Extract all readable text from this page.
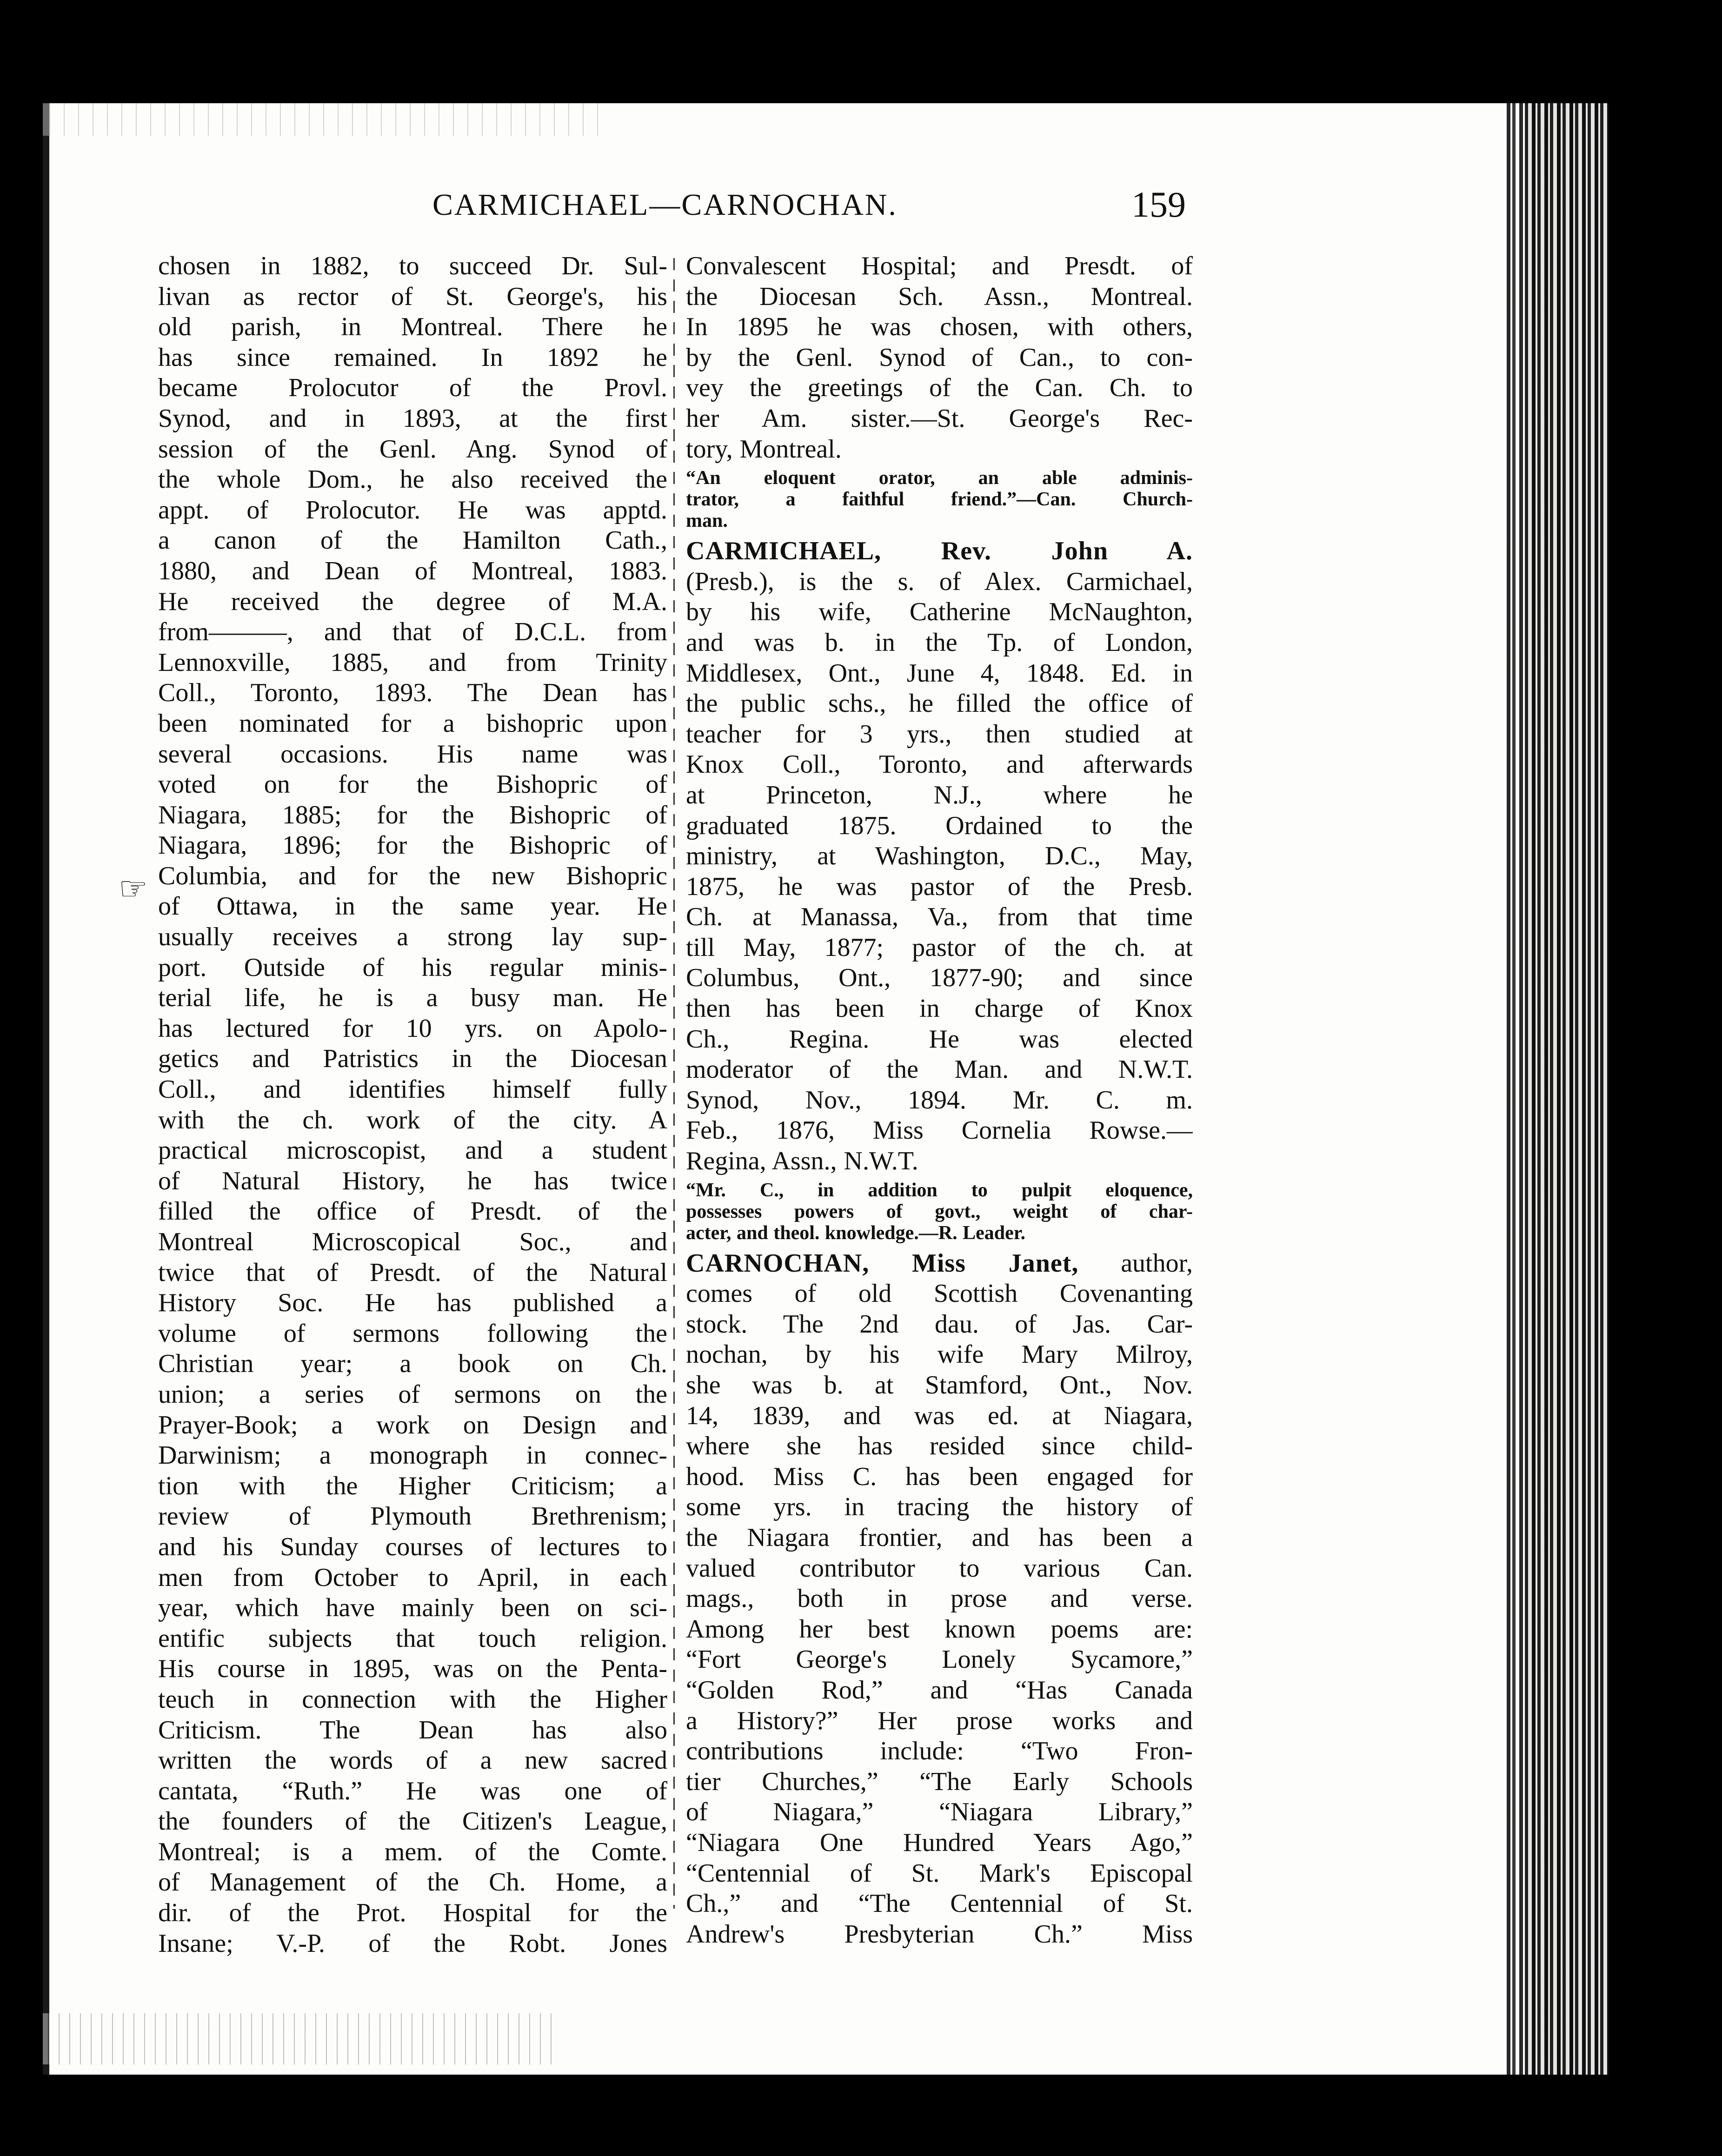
CARMICHAEL—CARNOCHAN.	159
chosen in 1882, to succeed Dr. Sul-
livan as rector of St. George's, his
old parish, in Montreal. There he
has since remained. In 1892 he
became Prolocutor of the Provl.
Synod, and in 1893, at the first
session of the Genl. Ang. Synod of
the whole Dom., he also received the
appt. of Prolocutor. He was apptd.
a canon of the Hamilton Cath.,
1880, and Dean of Montreal, 1883.
He received the degree of M.A.
from———, and that of D.C.L. from
Lennoxville, 1885, and from Trinity
Coll., Toronto, 1893. The Dean has
been nominated for a bishopric upon
several occasions. His name was
voted on for the Bishopric of
Niagara, 1885; for the Bishopric of
Niagara, 1896; for the Bishopric of
Columbia, and for the new Bishopric
of Ottawa, in the same year. He
usually receives a strong lay sup-
port. Outside of his regular minis-
terial life, he is a busy man. He
has lectured for 10 yrs. on Apolo-
getics and Patristics in the Diocesan
Coll., and identifies himself fully
with the ch. work of the city. A
practical microscopist, and a student
of Natural History, he has twice
filled the office of Presdt. of the
Montreal Microscopical Soc., and
twice that of Presdt. of the Natural
History Soc. He has published a
volume of sermons following the
Christian year; a book on Ch.
union; a series of sermons on the
Prayer-Book; a work on Design and
Darwinism; a monograph in connec-
tion with the Higher Criticism; a
review of Plymouth Brethrenism;
and his Sunday courses of lectures to
men from October to April, in each
year, which have mainly been on sci-
entific subjects that touch religion.
His course in 1895, was on the Penta-
teuch in connection with the Higher
Criticism. The Dean has also
written the words of a new sacred
cantata, “Ruth.” He was one of
the founders of the Citizen's League,
Montreal; is a mem. of the Comte.
of Management of the Ch. Home, a
dir. of the Prot. Hospital for the
Insane; V.-P. of the Robt. Jones
Convalescent Hospital; and Presdt. of
the Diocesan Sch. Assn., Montreal.
In 1895 he was chosen, with others,
by the Genl. Synod of Can., to con-
vey the greetings of the Can. Ch. to
her Am. sister.—St. George's Rec-
tory, Montreal.
“An eloquent orator, an able adminis-
trator, a faithful friend.”—Can. Church-
man.
CARMICHAEL, Rev. John A.
(Presb.), is the s. of Alex. Carmichael,
by his wife, Catherine McNaughton,
and was b. in the Tp. of London,
Middlesex, Ont., June 4, 1848. Ed. in
the public schs., he filled the office of
teacher for 3 yrs., then studied at
Knox Coll., Toronto, and afterwards
at Princeton, N.J., where he
graduated 1875. Ordained to the
ministry, at Washington, D.C., May,
1875, he was pastor of the Presb.
Ch. at Manassa, Va., from that time
till May, 1877; pastor of the ch. at
Columbus, Ont., 1877-90; and since
then has been in charge of Knox
Ch., Regina. He was elected
moderator of the Man. and N.W.T.
Synod, Nov., 1894. Mr. C. m.
Feb., 1876, Miss Cornelia Rowse.—
Regina, Assn., N.W.T.
“Mr. C., in addition to pulpit eloquence,
possesses powers of govt., weight of char-
acter, and theol. knowledge.—R. Leader.
CARNOCHAN, Miss Janet, author,
comes of old Scottish Covenanting
stock. The 2nd dau. of Jas. Car-
nochan, by his wife Mary Milroy,
she was b. at Stamford, Ont., Nov.
14, 1839, and was ed. at Niagara,
where she has resided since child-
hood. Miss C. has been engaged for
some yrs. in tracing the history of
the Niagara frontier, and has been a
valued contributor to various Can.
mags., both in prose and verse.
Among her best known poems are:
“Fort George's Lonely Sycamore,”
“Golden Rod,” and “Has Canada
a History?” Her prose works and
contributions include: “Two Fron-
tier Churches,” “The Early Schools
of Niagara,” “Niagara Library,”
“Niagara One Hundred Years Ago,”
“Centennial of St. Mark's Episcopal
Ch.,” and “The Centennial of St.
Andrew's Presbyterian Ch.” Miss
☞
